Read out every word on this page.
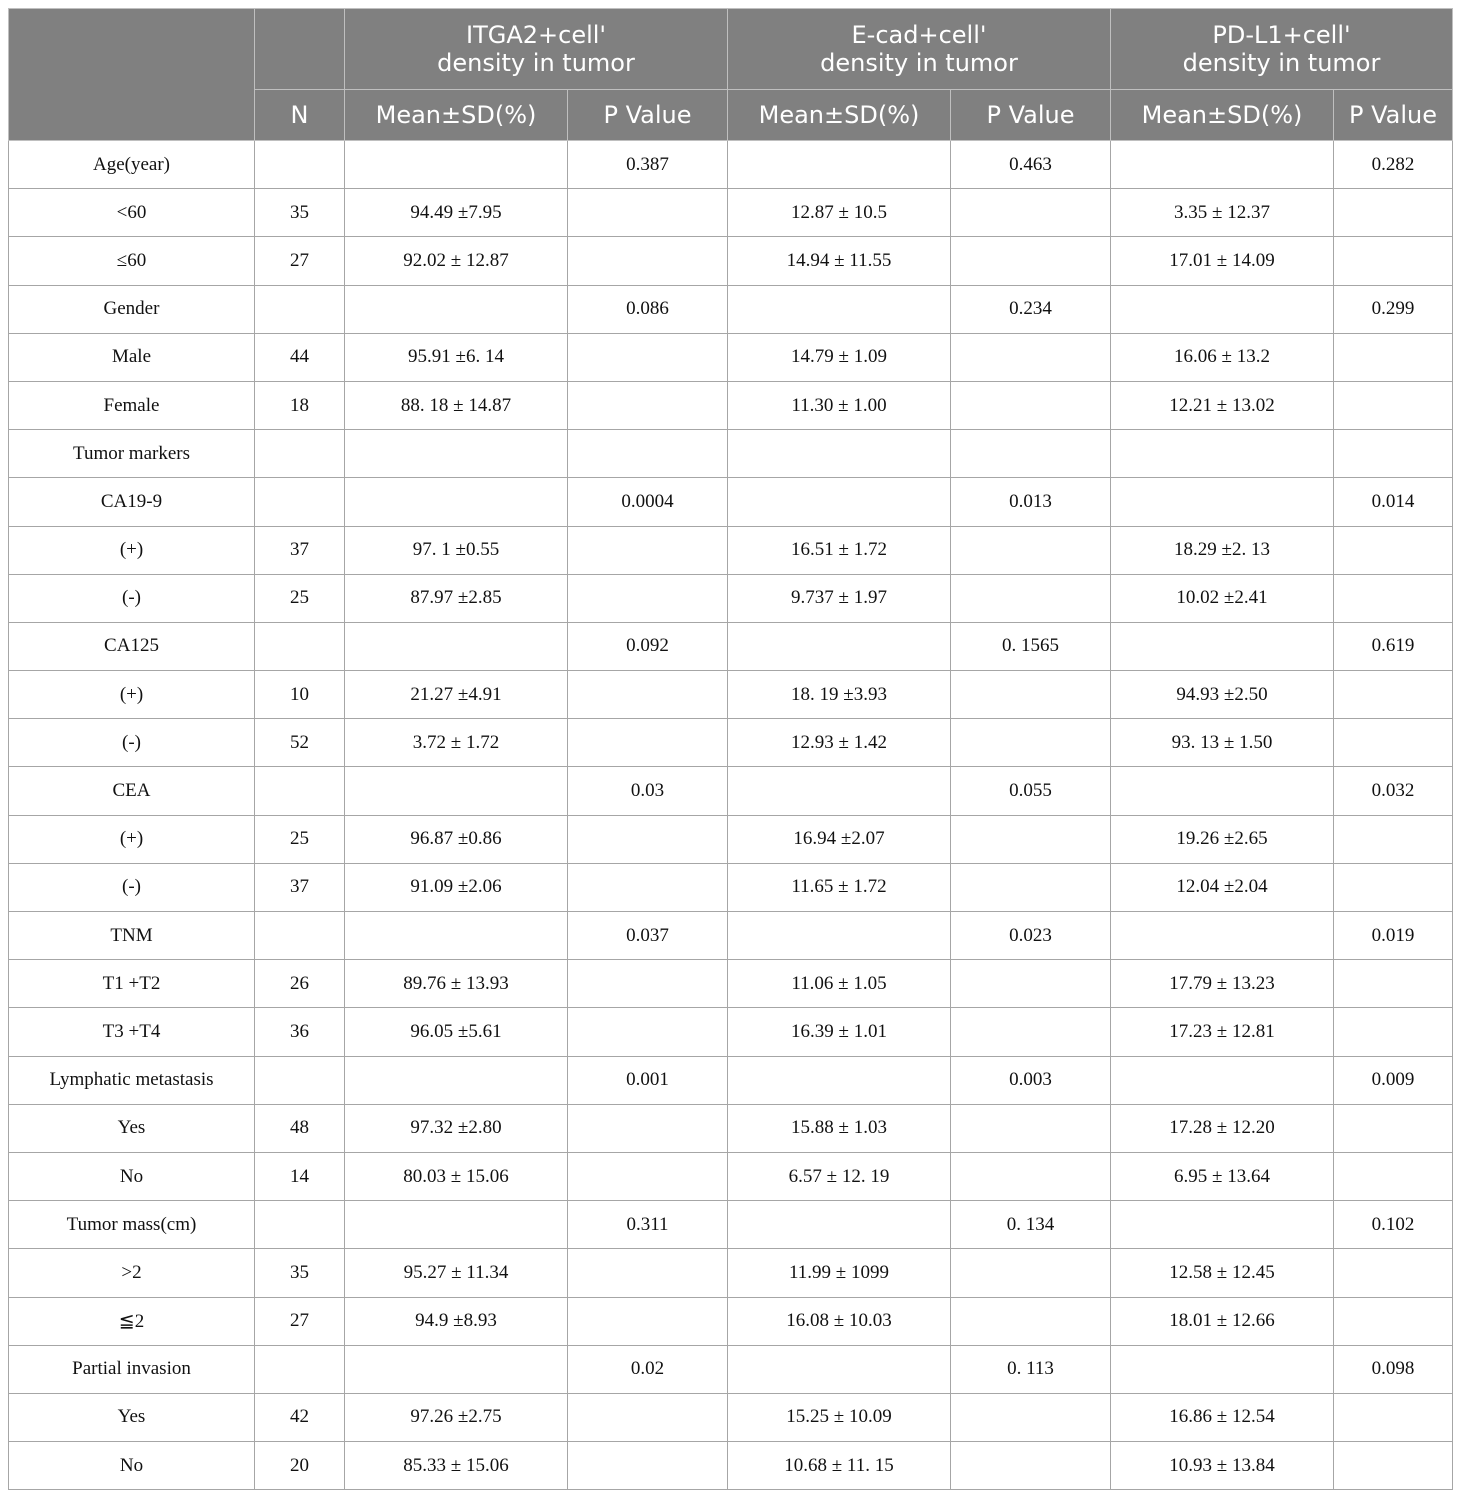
		ITGA2+cell'
density in tumor		E-cad+cell'
density in tumor		PD-L1+cell'
density in tumor	
	N	Mean±SD(%)	P Value	Mean±SD(%)	P Value	Mean±SD(%)	P Value
Age(year)			0.387		0.463		0.282
<60	35	94.49 ±7.95		12.87 ± 10.5		3.35 ± 12.37	
≤60	27	92.02 ± 12.87		14.94 ± 11.55		17.01 ± 14.09	
Gender			0.086		0.234		0.299
Male	44	95.91 ±6. 14		14.79 ± 1.09		16.06 ± 13.2	
Female	18	88. 18 ± 14.87		11.30 ± 1.00		12.21 ± 13.02	
Tumor markers							
CA19-9			0.0004		0.013		0.014
(+)	37	97. 1 ±0.55		16.51 ± 1.72		18.29 ±2. 13	
(-)	25	87.97 ±2.85		9.737 ± 1.97		10.02 ±2.41	
CA125			0.092		0. 1565		0.619
(+)	10	21.27 ±4.91		18. 19 ±3.93		94.93 ±2.50	
(-)	52	3.72 ± 1.72		12.93 ± 1.42		93. 13 ± 1.50	
CEA			0.03		0.055		0.032
(+)	25	96.87 ±0.86		16.94 ±2.07		19.26 ±2.65	
(-)	37	91.09 ±2.06		11.65 ± 1.72		12.04 ±2.04	
TNM			0.037		0.023		0.019
T1 +T2	26	89.76 ± 13.93		11.06 ± 1.05		17.79 ± 13.23	
T3 +T4	36	96.05 ±5.61		16.39 ± 1.01		17.23 ± 12.81	
Lymphatic metastasis			0.001		0.003		0.009
Yes	48	97.32 ±2.80		15.88 ± 1.03		17.28 ± 12.20	
No	14	80.03 ± 15.06		6.57 ± 12. 19		6.95 ± 13.64	
Tumor mass(cm)			0.311		0. 134		0.102
>2	35	95.27 ± 11.34		11.99 ± 1099		12.58 ± 12.45	
≦2	27	94.9 ±8.93		16.08 ± 10.03		18.01 ± 12.66	
Partial invasion			0.02		0. 113		0.098
Yes	42	97.26 ±2.75		15.25 ± 10.09		16.86 ± 12.54	
No	20	85.33 ± 15.06		10.68 ± 11. 15		10.93 ± 13.84	
